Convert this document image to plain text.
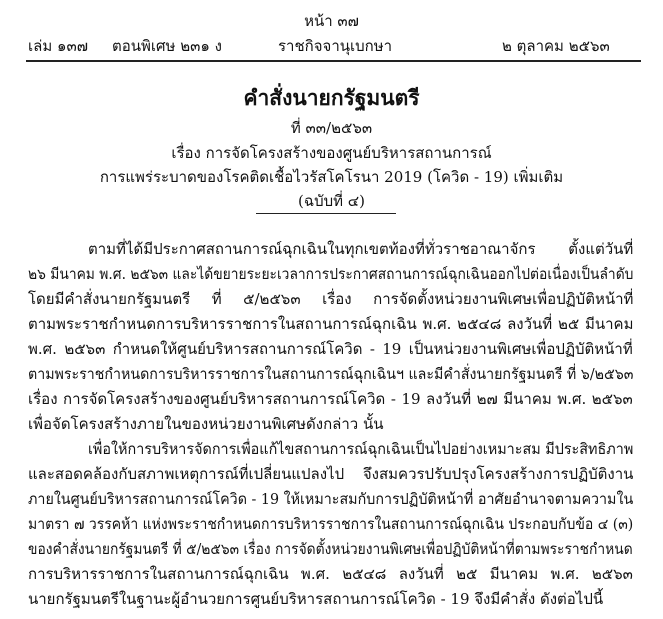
หน้า ๓๗
เล่ม ๑๓๗ ตอนพิเศษ ๒๓๑ ง	ราชกิจจานุเบกษา	๒ ตุลาคม ๒๕๖๓
คำสั่งนายกรัฐมนตรี
ที่ ๓๓/๒๕๖๓
เรื่อง การจัดโครงสร้างของศูนย์บริหารสถานการณ์
การแพร่ระบาดของโรคติดเชื้อไวรัสโคโรนา 2019 (โควิด - 19) เพิ่มเติม
(ฉบับที่ ๔)
ตามที่ได้มีประกาศสถานการณ์ฉุกเฉินในทุกเขตท้องที่ทั่วราชอาณาจักร ตั้งแต่วันที่
๒๖ มีนาคม พ.ศ. ๒๕๖๓ และได้ขยายระยะเวลาการประกาศสถานการณ์ฉุกเฉินออกไปต่อเนื่องเป็นลำดับ
โดยมีคำสั่งนายกรัฐมนตรี ที่ ๕/๒๕๖๓ เรื่อง การจัดตั้งหน่วยงานพิเศษเพื่อปฏิบัติหน้าที่
ตามพระราชกำหนดการบริหารราชการในสถานการณ์ฉุกเฉิน พ.ศ. ๒๕๔๘ ลงวันที่ ๒๕ มีนาคม
พ.ศ. ๒๕๖๓ กำหนดให้ศูนย์บริหารสถานการณ์โควิด - 19 เป็นหน่วยงานพิเศษเพื่อปฏิบัติหน้าที่
ตามพระราชกำหนดการบริหารราชการในสถานการณ์ฉุกเฉินฯ และมีคำสั่งนายกรัฐมนตรี ที่ ๖/๒๕๖๓
เรื่อง การจัดโครงสร้างของศูนย์บริหารสถานการณ์โควิด - 19 ลงวันที่ ๒๗ มีนาคม พ.ศ. ๒๕๖๓
เพื่อจัดโครงสร้างภายในของหน่วยงานพิเศษดังกล่าว นั้น
เพื่อให้การบริหารจัดการเพื่อแก้ไขสถานการณ์ฉุกเฉินเป็นไปอย่างเหมาะสม มีประสิทธิภาพ
และสอดคล้องกับสภาพเหตุการณ์ที่เปลี่ยนแปลงไป จึงสมควรปรับปรุงโครงสร้างการปฏิบัติงาน
ภายในศูนย์บริหารสถานการณ์โควิด - 19 ให้เหมาะสมกับการปฏิบัติหน้าที่ อาศัยอำนาจตามความใน
มาตรา ๗ วรรคห้า แห่งพระราชกำหนดการบริหารราชการในสถานการณ์ฉุกเฉิน ประกอบกับข้อ ๔ (๓)
ของคำสั่งนายกรัฐมนตรี ที่ ๕/๒๕๖๓ เรื่อง การจัดตั้งหน่วยงานพิเศษเพื่อปฏิบัติหน้าที่ตามพระราชกำหนด
การบริหารราชการในสถานการณ์ฉุกเฉิน พ.ศ. ๒๕๔๘ ลงวันที่ ๒๕ มีนาคม พ.ศ. ๒๕๖๓
นายกรัฐมนตรีในฐานะผู้อำนวยการศูนย์บริหารสถานการณ์โควิด - 19 จึงมีคำสั่ง ดังต่อไปนี้
